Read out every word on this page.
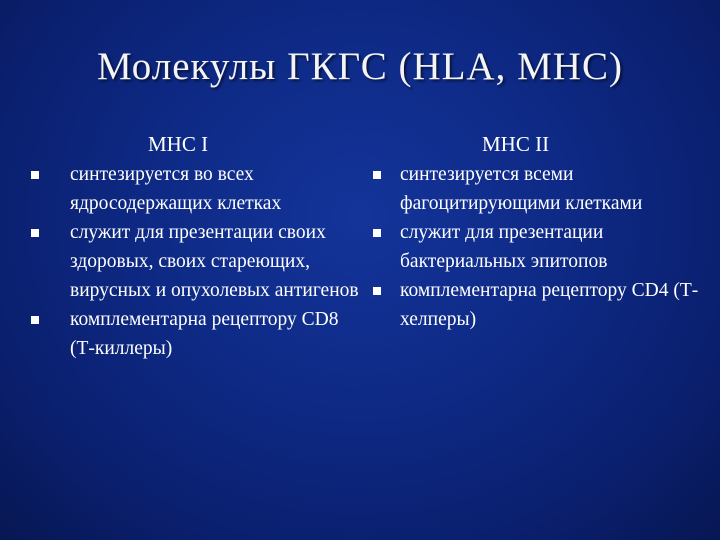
Молекулы ГКГС (HLA, MHC)
MHC I
синтезируется во всех ядросодержащих клетках
служит для презентации своих здоровых, своих стареющих, вирусных и опухолевых антигенов
комплементарна рецептору CD8 (Т-киллеры)
MHC II
синтезируется всеми фагоцитирующими клетками
служит для презентации бактериальных эпитопов
комплементарна рецептору CD4 (Т-хелперы)
